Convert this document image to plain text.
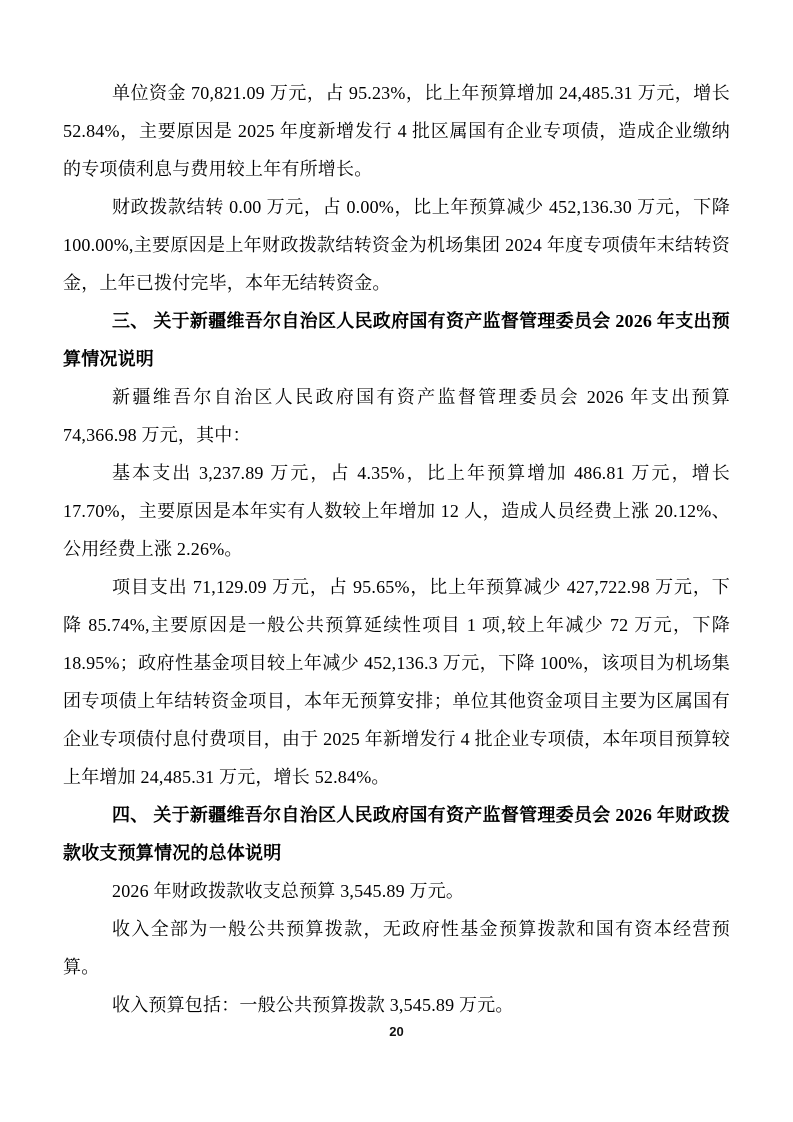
单位资金 70,821.09 万元，占 95.23%，比上年预算增加 24,485.31 万元，增长 52.84%，主要原因是 2025 年度新增发行 4 批区属国有企业专项债，造成企业缴纳的专项债利息与费用较上年有所增长。

财政拨款结转 0.00 万元，占 0.00%，比上年预算减少 452,136.30 万元，下降 100.00%,主要原因是上年财政拨款结转资金为机场集团 2024 年度专项债年末结转资金，上年已拨付完毕，本年无结转资金。

三、 关于新疆维吾尔自治区人民政府国有资产监督管理委员会 2026 年支出预算情况说明

新疆维吾尔自治区人民政府国有资产监督管理委员会 2026 年支出预算 74,366.98 万元，其中：

基本支出 3,237.89 万元，占 4.35%，比上年预算增加 486.81 万元，增长 17.70%，主要原因是本年实有人数较上年增加 12 人，造成人员经费上涨 20.12%、公用经费上涨 2.26%。

项目支出 71,129.09 万元，占 95.65%，比上年预算减少 427,722.98 万元，下降 85.74%,主要原因是一般公共预算延续性项目 1 项,较上年减少 72 万元，下降 18.95%；政府性基金项目较上年减少 452,136.3 万元，下降 100%，该项目为机场集团专项债上年结转资金项目，本年无预算安排；单位其他资金项目主要为区属国有企业专项债付息付费项目，由于 2025 年新增发行 4 批企业专项债，本年项目预算较上年增加 24,485.31 万元，增长 52.84%。

四、 关于新疆维吾尔自治区人民政府国有资产监督管理委员会 2026 年财政拨款收支预算情况的总体说明

2026 年财政拨款收支总预算 3,545.89 万元。

收入全部为一般公共预算拨款，无政府性基金预算拨款和国有资本经营预算。

收入预算包括：一般公共预算拨款 3,545.89 万元。

20
